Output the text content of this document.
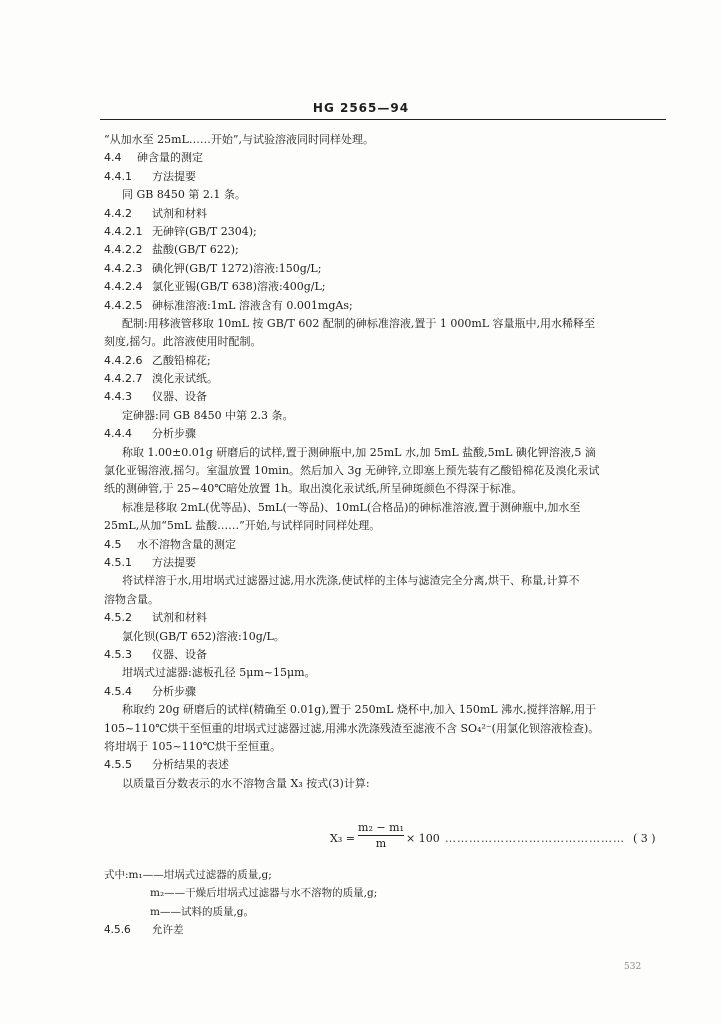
HG 2565—94
“从加水至 25mL……开始”,与试验溶液同时同样处理。
4.4 砷含量的测定
4.4.1 方法提要
同 GB 8450 第 2.1 条。
4.4.2 试剂和材料
4.4.2.1 无砷锌(GB/T 2304);
4.4.2.2 盐酸(GB/T 622);
4.4.2.3 碘化钾(GB/T 1272)溶液:150g/L;
4.4.2.4 氯化亚锡(GB/T 638)溶液:400g/L;
4.4.2.5 砷标准溶液:1mL 溶液含有 0.001mgAs;
配制:用移液管移取 10mL 按 GB/T 602 配制的砷标准溶液,置于 1 000mL 容量瓶中,用水稀释至
刻度,摇匀。此溶液使用时配制。
4.4.2.6 乙酸铅棉花;
4.4.2.7 溴化汞试纸。
4.4.3 仪器、设备
定砷器:同 GB 8450 中第 2.3 条。
4.4.4 分析步骤
称取 1.00±0.01g 研磨后的试样,置于测砷瓶中,加 25mL 水,加 5mL 盐酸,5mL 碘化钾溶液,5 滴
氯化亚锡溶液,摇匀。室温放置 10min。然后加入 3g 无砷锌,立即塞上预先装有乙酸铅棉花及溴化汞试
纸的测砷管,于 25~40℃暗处放置 1h。取出溴化汞试纸,所呈砷斑颜色不得深于标准。
标准是移取 2mL(优等品)、5mL(一等品)、10mL(合格品)的砷标准溶液,置于测砷瓶中,加水至
25mL,从加“5mL 盐酸……”开始,与试样同时同样处理。
4.5 水不溶物含量的测定
4.5.1 方法提要
将试样溶于水,用坩埚式过滤器过滤,用水洗涤,使试样的主体与滤渣完全分离,烘干、称量,计算不
溶物含量。
4.5.2 试剂和材料
氯化钡(GB/T 652)溶液:10g/L。
4.5.3 仪器、设备
坩埚式过滤器:滤板孔径 5μm~15μm。
4.5.4 分析步骤
称取约 20g 研磨后的试样(精确至 0.01g),置于 250mL 烧杯中,加入 150mL 沸水,搅拌溶解,用于
105~110℃烘干至恒重的坩埚式过滤器过滤,用沸水洗涤残渣至滤液不含 SO₄²⁻(用氯化钡溶液检查)。
将坩埚于 105~110℃烘干至恒重。
4.5.5 分析结果的表述
以质量百分数表示的水不溶物含量 X₃ 按式(3)计算:
$X_3 = \frac{\text{m₂ − m₁}}{m} \times 100$ ……………………………………… ( 3 )
式中:m₁——坩埚式过滤器的质量,g;
m₂——干燥后坩埚式过滤器与水不溶物的质量,g;
m——试料的质量,g。
4.5.6 允许差
532
